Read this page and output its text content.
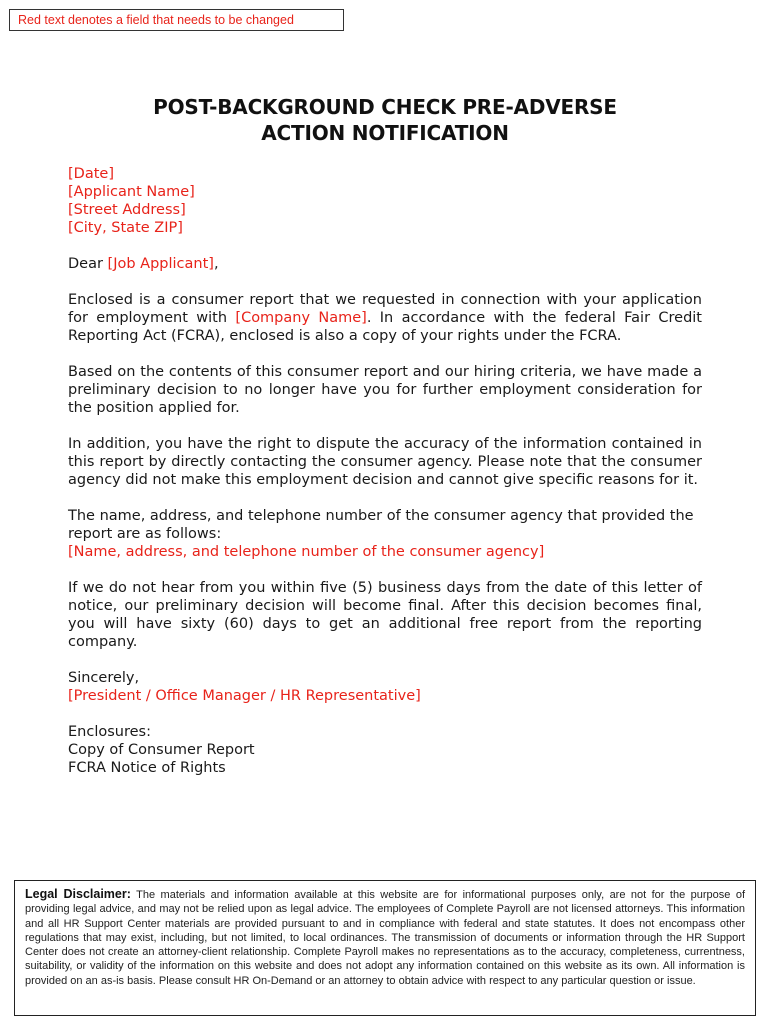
Red text denotes a field that needs to be changed
POST-BACKGROUND CHECK PRE-ADVERSE
ACTION NOTIFICATION

[Date]
[Applicant Name]
[Street Address]
[City, State ZIP]

Dear [Job Applicant],

Enclosed is a consumer report that we requested in connection with your application for employment with [Company Name]. In accordance with the federal Fair Credit Reporting Act (FCRA), enclosed is also a copy of your rights under the FCRA.

Based on the contents of this consumer report and our hiring criteria, we have made a preliminary decision to no longer have you for further employment consideration for the position applied for.

In addition, you have the right to dispute the accuracy of the information contained in this report by directly contacting the consumer agency. Please note that the consumer agency did not make this employment decision and cannot give specific reasons for it.

The name, address, and telephone number of the consumer agency that provided the report are as follows:
[Name, address, and telephone number of the consumer agency]

If we do not hear from you within five (5) business days from the date of this letter of notice, our preliminary decision will become final. After this decision becomes final, you will have sixty (60) days to get an additional free report from the reporting company.

Sincerely,
[President / Office Manager / HR Representative]

Enclosures:
Copy of Consumer Report
FCRA Notice of Rights

Legal Disclaimer: The materials and information available at this website are for informational purposes only, are not for the purpose of providing legal advice, and may not be relied upon as legal advice. The employees of Complete Payroll are not licensed attorneys. This information and all HR Support Center materials are provided pursuant to and in compliance with federal and state statutes. It does not encompass other regulations that may exist, including, but not limited, to local ordinances. The transmission of documents or information through the HR Support Center does not create an attorney-client relationship. Complete Payroll makes no representations as to the accuracy, completeness, currentness, suitability, or validity of the information on this website and does not adopt any information contained on this website as its own. All information is provided on an as-is basis. Please consult HR On-Demand or an attorney to obtain advice with respect to any particular question or issue.
